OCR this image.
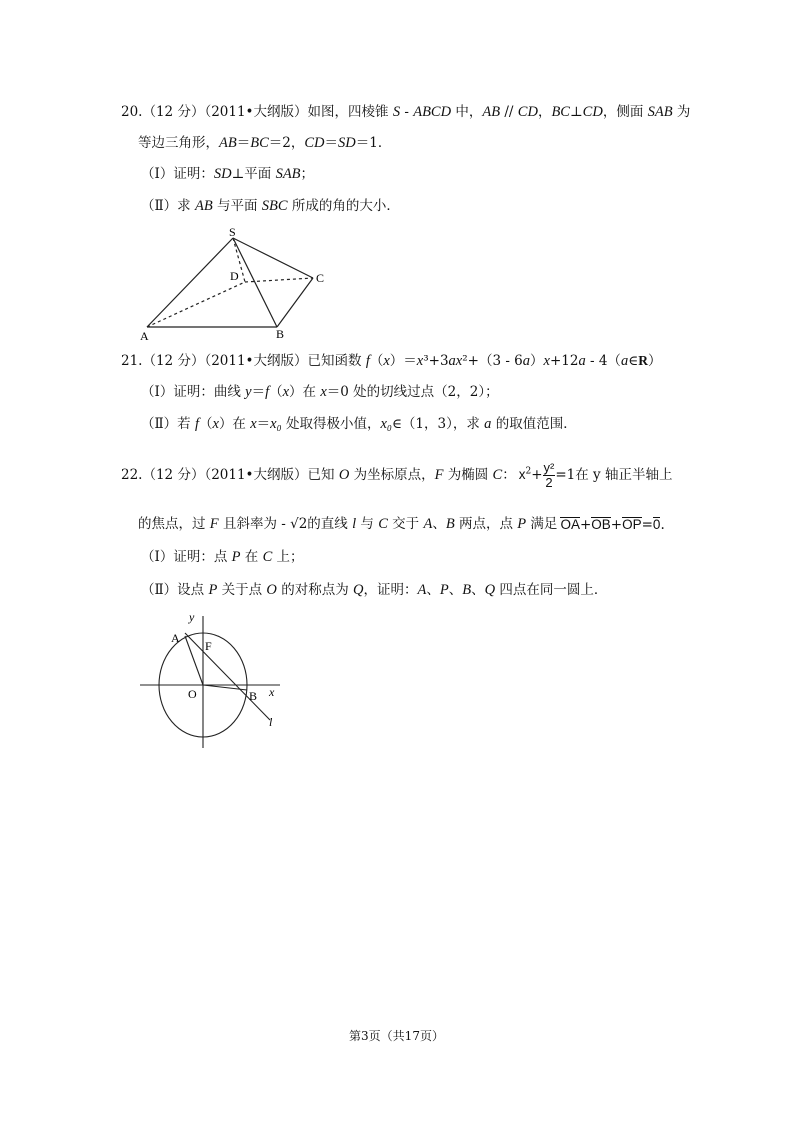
20.（12 分）（2011•大纲版）如图，四棱锥 S - ABCD 中，AB // CD，BC⊥CD，侧面 SAB 为
等边三角形，AB＝BC＝2，CD＝SD＝1．
（Ⅰ）证明：SD⊥平面 SAB；
（Ⅱ）求 AB 与平面 SBC 所成的角的大小．
21.（12 分）（2011•大纲版）已知函数 f（x）＝x³+3ax²+（3 - 6a）x+12a - 4（a∈R）
（Ⅰ）证明：曲线 y＝f（x）在 x＝0 处的切线过点（2，2）；
（Ⅱ）若 f（x）在 x＝x₀ 处取得极小值，x₀∈（1，3），求 a 的取值范围．
22.（12 分）（2011•大纲版）已知 O 为坐标原点，F 为椭圆 C： $x^2+ \frac{\text{y²}}{2}=1$在 y 轴正半轴上
的焦点，过 F 且斜率为 - √2的直线 l 与 C 交于 A、B 两点，点 P 满足 OA+OB+OP=0.
（Ⅰ）证明：点 P 在 C 上；
（Ⅱ）设点 P 关于点 O 的对称点为 Q，证明：A、P、B、Q 四点在同一圆上．
S
D	C
A	B
y
A
F
O	B x
l
第3页（共17页）
